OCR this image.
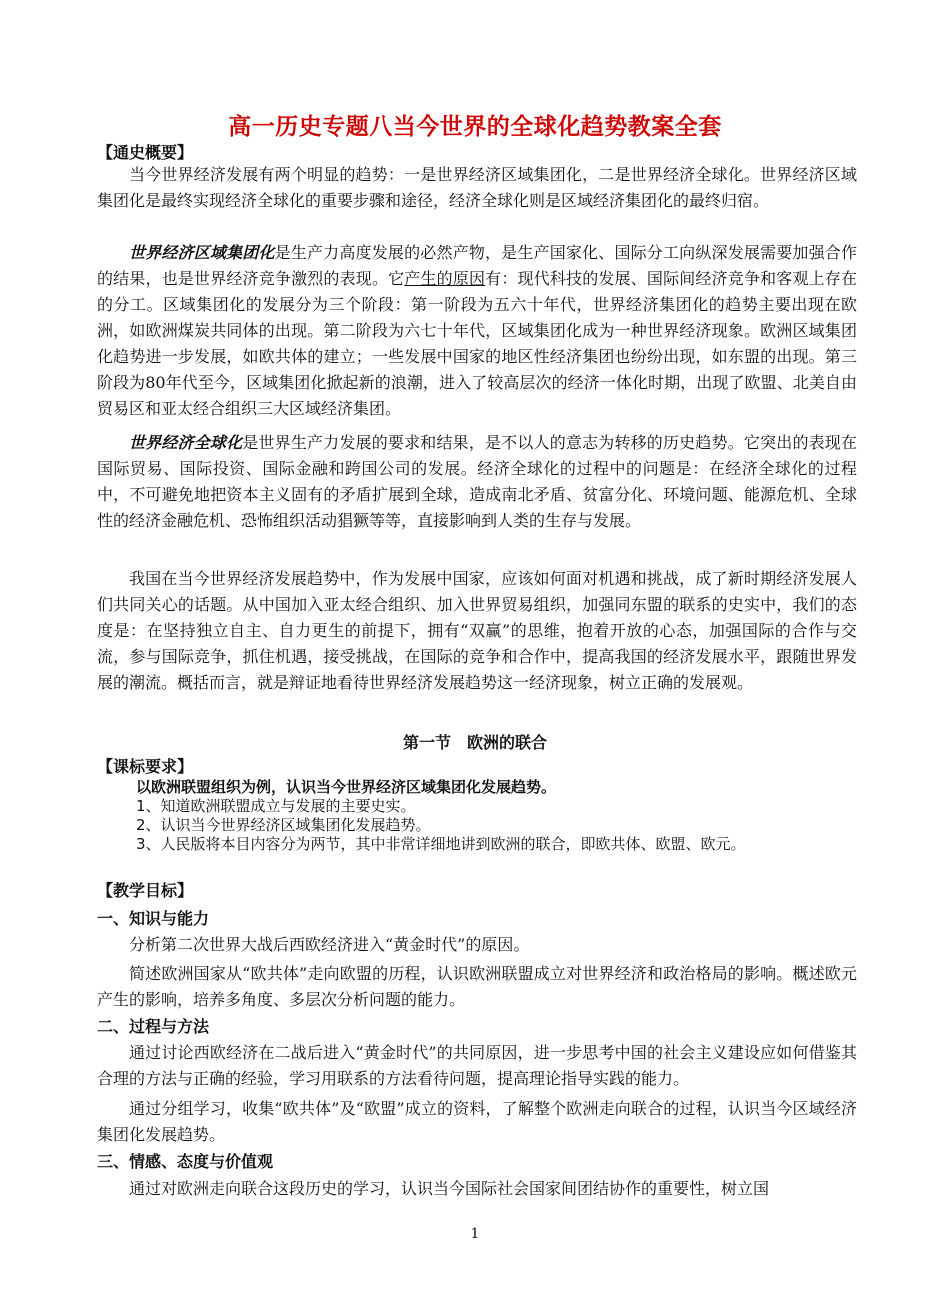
高一历史专题八当今世界的全球化趋势教案全套
【通史概要】
当今世界经济发展有两个明显的趋势：一是世界经济区域集团化，二是世界经济全球化。世界经济区域集团化是最终实现经济全球化的重要步骤和途径，经济全球化则是区域经济集团化的最终归宿。
世界经济区域集团化是生产力高度发展的必然产物，是生产国家化、国际分工向纵深发展需要加强合作的结果，也是世界经济竞争激烈的表现。它产生的原因有：现代科技的发展、国际间经济竞争和客观上存在的分工。区域集团化的发展分为三个阶段：第一阶段为五六十年代，世界经济集团化的趋势主要出现在欧洲，如欧洲煤炭共同体的出现。第二阶段为六七十年代，区域集团化成为一种世界经济现象。欧洲区域集团化趋势进一步发展，如欧共体的建立；一些发展中国家的地区性经济集团也纷纷出现，如东盟的出现。第三阶段为80年代至今，区域集团化掀起新的浪潮，进入了较高层次的经济一体化时期，出现了欧盟、北美自由贸易区和亚太经合组织三大区域经济集团。
世界经济全球化是世界生产力发展的要求和结果，是不以人的意志为转移的历史趋势。它突出的表现在国际贸易、国际投资、国际金融和跨国公司的发展。经济全球化的过程中的问题是：在经济全球化的过程中，不可避免地把资本主义固有的矛盾扩展到全球，造成南北矛盾、贫富分化、环境问题、能源危机、全球性的经济金融危机、恐怖组织活动猖獗等等，直接影响到人类的生存与发展。
我国在当今世界经济发展趋势中，作为发展中国家，应该如何面对机遇和挑战，成了新时期经济发展人们共同关心的话题。从中国加入亚太经合组织、加入世界贸易组织，加强同东盟的联系的史实中，我们的态度是：在坚持独立自主、自力更生的前提下，拥有“双赢”的思维，抱着开放的心态，加强国际的合作与交流，参与国际竞争，抓住机遇，接受挑战，在国际的竞争和合作中，提高我国的经济发展水平，跟随世界发展的潮流。概括而言，就是辩证地看待世界经济发展趋势这一经济现象，树立正确的发展观。
第一节　欧洲的联合
【课标要求】
以欧洲联盟组织为例，认识当今世界经济区域集团化发展趋势。
1、知道欧洲联盟成立与发展的主要史实。
2、认识当今世界经济区域集团化发展趋势。
3、人民版将本目内容分为两节，其中非常详细地讲到欧洲的联合，即欧共体、欧盟、欧元。
【教学目标】
一、知识与能力
分析第二次世界大战后西欧经济进入“黄金时代”的原因。
简述欧洲国家从“欧共体”走向欧盟的历程，认识欧洲联盟成立对世界经济和政治格局的影响。概述欧元产生的影响，培养多角度、多层次分析问题的能力。
二、过程与方法
通过讨论西欧经济在二战后进入“黄金时代”的共同原因，进一步思考中国的社会主义建设应如何借鉴其合理的方法与正确的经验，学习用联系的方法看待问题，提高理论指导实践的能力。
通过分组学习，收集“欧共体”及“欧盟”成立的资料，了解整个欧洲走向联合的过程，认识当今区域经济集团化发展趋势。
三、情感、态度与价值观
通过对欧洲走向联合这段历史的学习，认识当今国际社会国家间团结协作的重要性，树立国
1
